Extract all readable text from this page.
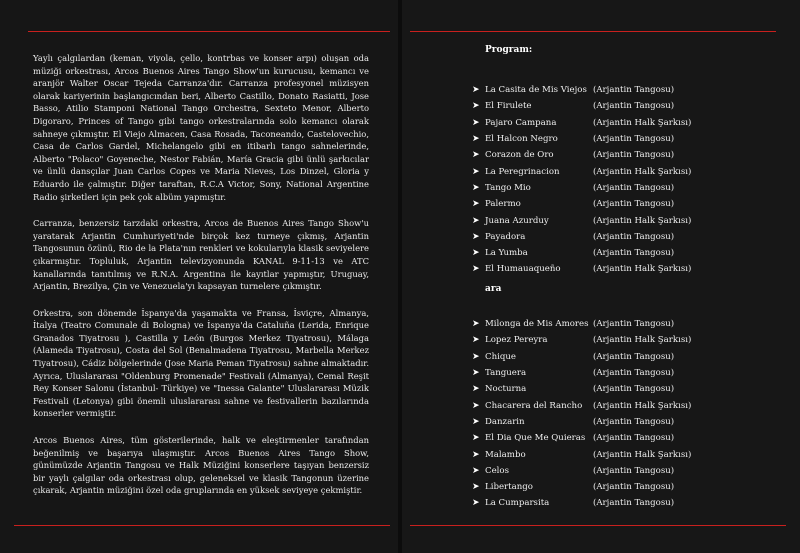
Yaylı çalgılardan (keman, viyola, çello, kontrbas ve konser arpı) oluşan oda müziği orkestrası, Arcos Buenos Aires Tango Show'un kurucusu, kemancı ve aranjör Walter Oscar Tejeda Carranza'dır. Carranza profesyonel müzisyen olarak kariyerinin başlangıcından beri, Alberto Castillo, Donato Rasiatti, Jose Basso, Atilio Stamponi National Tango Orchestra, Sexteto Menor, Alberto Digoraro, Princes of Tango gibi tango orkestralarında solo kemancı olarak sahneye çıkmıştır. El Viejo Almacen, Casa Rosada, Taconeando, Castelovechio, Casa de Carlos Gardel, Michelangelo gibi en itibarlı tango sahnelerinde, Alberto "Polaco" Goyeneche, Nestor Fabián, María Gracia gibi ünlü şarkıcılar ve ünlü dansçılar Juan Carlos Copes ve Maria Nieves, Los Dinzel, Gloria y Eduardo ile çalmıştır. Diğer taraftan, R.C.A Victor, Sony, National Argentine Radio şirketleri için pek çok albüm yapmıştır.

Carranza, benzersiz tarzdaki orkestra, Arcos de Buenos Aires Tango Show'u yaratarak Arjantin Cumhuriyeti'nde birçok kez turneye çıkmış, Arjantin Tangosunun özünü, Rio de la Plata'nın renkleri ve kokularıyla klasik seviyelere çıkarmıştır. Topluluk, Arjantin televizyonunda KANAL 9-11-13 ve ATC kanallarında tanıtılmış ve R.N.A. Argentina ile kayıtlar yapmıştır, Uruguay, Arjantin, Brezilya, Çin ve Venezuela'yı kapsayan turnelere çıkmıştır.

Orkestra, son dönemde İspanya'da yaşamakta ve Fransa, İsviçre, Almanya, İtalya (Teatro Comunale di Bologna) ve İspanya'da Cataluña (Lerida, Enrique Granados Tiyatrosu ), Castilla y León (Burgos Merkez Tiyatrosu), Málaga (Alameda Tiyatrosu), Costa del Sol (Benalmadena Tiyatrosu, Marbella Merkez Tiyatrosu), Cádiz bölgelerinde (Jose Maria Peman Tiyatrosu) sahne almaktadır. Ayrıca, Uluslararası "Oldenburg Promenade" Festivali (Almanya), Cemal Reşit Rey Konser Salonu (İstanbul- Türkiye) ve "Inessa Galante" Uluslararası Müzik Festivali (Letonya) gibi önemli uluslararası sahne ve festivallerin bazılarında konserler vermiştir.

Arcos Buenos Aires, tüm gösterilerinde, halk ve eleştirmenler tarafından beğenilmiş ve başarıya ulaşmıştır. Arcos Buenos Aires Tango Show, günümüzde Arjantin Tangosu ve Halk Müziğini konserlere taşıyan benzersiz bir yaylı çalgılar oda orkestrası olup, geleneksel ve klasik Tangonun üzerine çıkarak, Arjantin müziğini özel oda gruplarında en yüksek seviyeye çekmiştir.

Program:
➤ La Casita de Mis Viejos (Arjantin Tangosu)
➤ El Firulete	(Arjantin Tangosu)
➤ Pajaro Campana	(Arjantin Halk Şarkısı)
➤ El Halcon Negro	(Arjantin Tangosu)
➤ Corazon de Oro	(Arjantin Tangosu)
➤ La Peregrinacion	(Arjantin Halk Şarkısı)
➤ Tango Mio	(Arjantin Tangosu)
➤ Palermo	(Arjantin Tangosu)
➤ Juana Azurduy	(Arjantin Halk Şarkısı)
➤ Payadora	(Arjantin Tangosu)
➤ La Yumba	(Arjantin Tangosu)
➤ El Humauaqueño	(Arjantin Halk Şarkısı)
ara
➤ Milonga de Mis Amores (Arjantin Tangosu)
➤ Lopez Pereyra	(Arjantin Halk Şarkısı)
➤ Chique	(Arjantin Tangosu)
➤ Tanguera	(Arjantin Tangosu)
➤ Nocturna	(Arjantin Tangosu)
➤ Chacarera del Rancho	(Arjantin Halk Şarkısı)
➤ Danzarin	(Arjantin Tangosu)
➤ El Dia Que Me Quieras (Arjantin Tangosu)
➤ Malambo	(Arjantin Halk Şarkısı)
➤ Celos	(Arjantin Tangosu)
➤ Libertango	(Arjantin Tangosu)
➤ La Cumparsita	(Arjantin Tangosu)
